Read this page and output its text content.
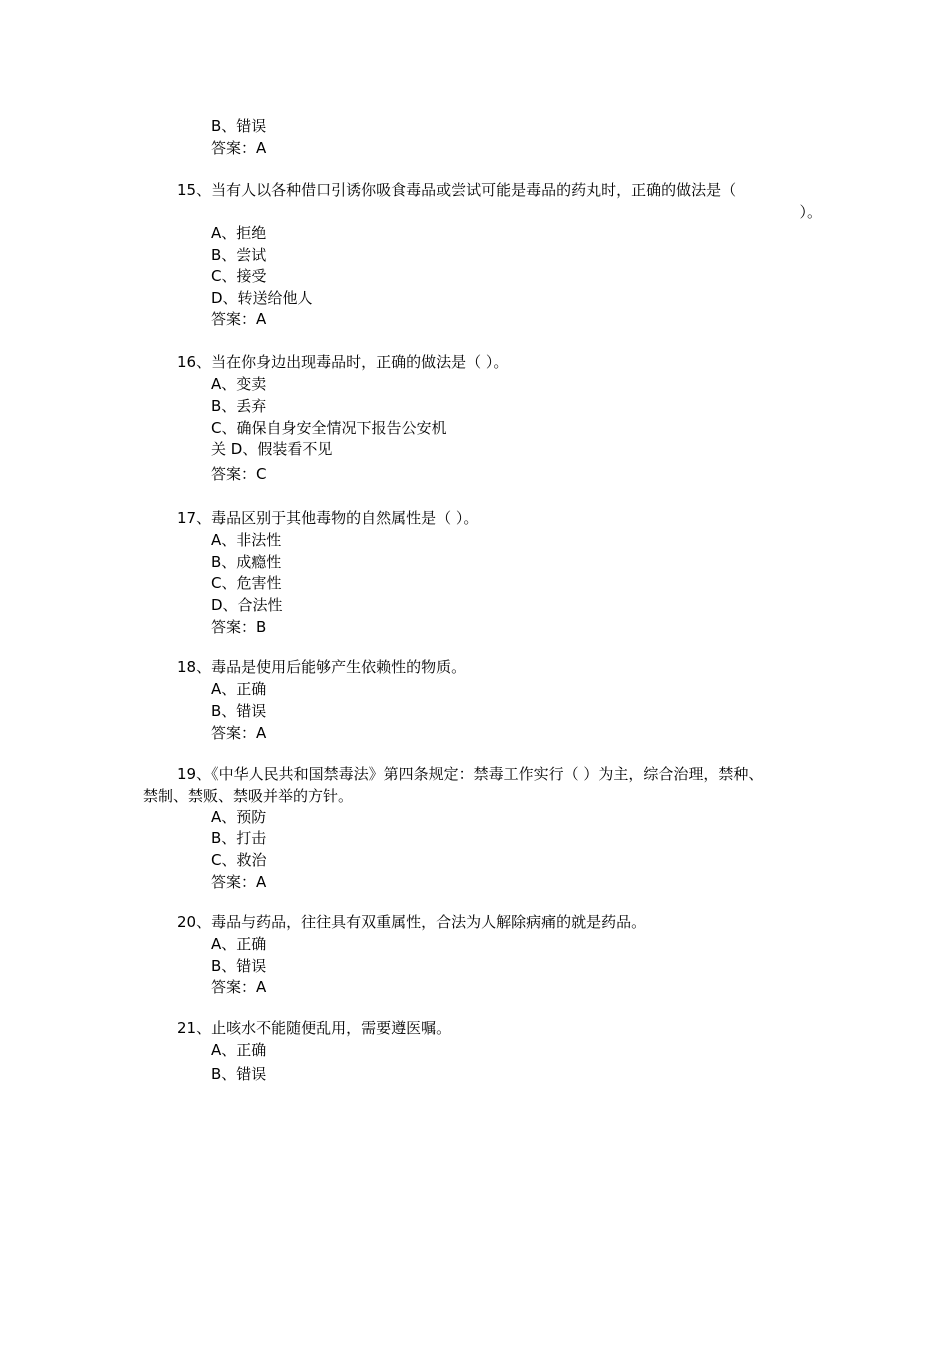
B、错误
答案：A
15、当有人以各种借口引诱你吸食毒品或尝试可能是毒品的药丸时，正确的做法是（
）。
A、拒绝
B、尝试
C、接受
D、转送给他人
答案：A
16、当在你身边出现毒品时，正确的做法是（ ）。
A、变卖
B、丢弃
C、确保自身安全情况下报告公安机
关 D、假装看不见
答案：C
17、毒品区别于其他毒物的自然属性是（ ）。
A、非法性
B、成瘾性
C、危害性
D、合法性
答案：B
18、毒品是使用后能够产生依赖性的物质。
A、正确
B、错误
答案：A
19、《中华人民共和国禁毒法》第四条规定：禁毒工作实行（ ）为主，综合治理，禁种、
禁制、禁贩、禁吸并举的方针。
A、预防
B、打击
C、救治
答案：A
20、毒品与药品，往往具有双重属性，合法为人解除病痛的就是药品。
A、正确
B、错误
答案：A
21、止咳水不能随便乱用，需要遵医嘱。
A、正确
B、错误
